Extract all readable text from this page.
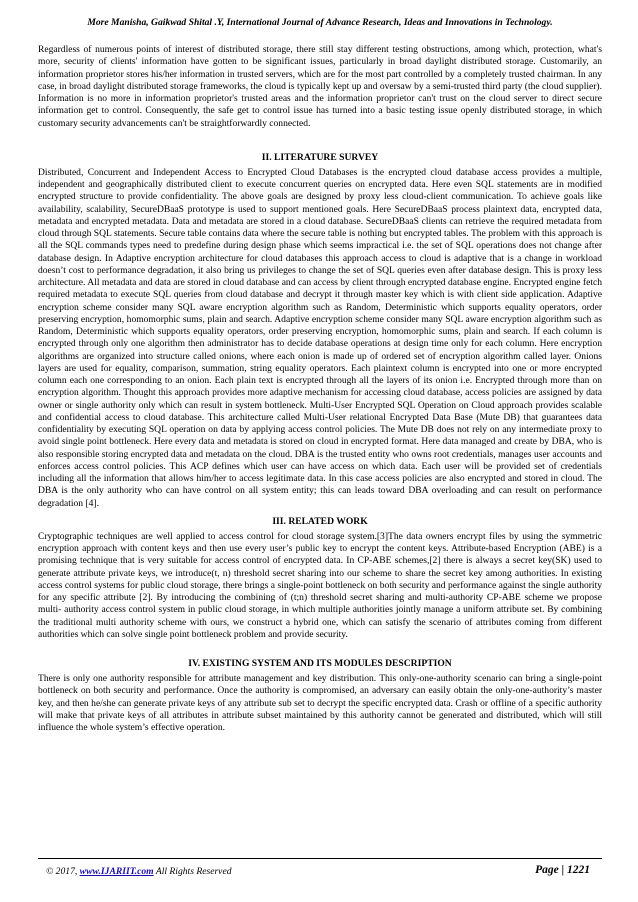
More Manisha, Gaikwad Shital .Y, International Journal of Advance Research, Ideas and Innovations in Technology.

Regardless of numerous points of interest of distributed storage, there still stay different testing obstructions, among which, protection, what's more, security of clients' information have gotten to be significant issues, particularly in broad daylight distributed storage. Customarily, an information proprietor stores his/her information in trusted servers, which are for the most part controlled by a completely trusted chairman. In any case, in broad daylight distributed storage frameworks, the cloud is typically kept up and oversaw by a semi-trusted third party (the cloud supplier). Information is no more in information proprietor's trusted areas and the information proprietor can't trust on the cloud server to direct secure information get to control. Consequently, the safe get to control issue has turned into a basic testing issue openly distributed storage, in which customary security advancements can't be straightforwardly connected.

II. LITERATURE SURVEY

Distributed, Concurrent and Independent Access to Encrypted Cloud Databases is the encrypted cloud database access provides a multiple, independent and geographically distributed client to execute concurrent queries on encrypted data. Here even SQL statements are in modified encrypted structure to provide confidentiality. The above goals are designed by proxy less cloud-client communication. To achieve goals like availability, scalability, SecureDBaaS prototype is used to support mentioned goals. Here SecureDBaaS process plaintext data, encrypted data, metadata and encrypted metadata. Data and metadata are stored in a cloud database. SecureDBaaS clients can retrieve the required metadata from cloud through SQL statements. Secure table contains data where the secure table is nothing but encrypted tables. The problem with this approach is all the SQL commands types need to predefine during design phase which seems impractical i.e. the set of SQL operations does not change after database design. In Adaptive encryption architecture for cloud databases this approach access to cloud is adaptive that is a change in workload doesn’t cost to performance degradation, it also bring us privileges to change the set of SQL queries even after database design. This is proxy less architecture. All metadata and data are stored in cloud database and can access by client through encrypted database engine. Encrypted engine fetch required metadata to execute SQL queries from cloud database and decrypt it through master key which is with client side application. Adaptive encryption scheme consider many SQL aware encryption algorithm such as Random, Deterministic which supports equality operators, order preserving encryption, homomorphic sums, plain and search. Adaptive encryption scheme consider many SQL aware encryption algorithm such as Random, Deterministic which supports equality operators, order preserving encryption, homomorphic sums, plain and search. If each column is encrypted through only one algorithm then administrator has to decide database operations at design time only for each column. Here encryption algorithms are organized into structure called onions, where each onion is made up of ordered set of encryption algorithm called layer. Onions layers are used for equality, comparison, summation, string equality operators. Each plaintext column is encrypted into one or more encrypted column each one corresponding to an onion. Each plain text is encrypted through all the layers of its onion i.e. Encrypted through more than on encryption algorithm. Thought this approach provides more adaptive mechanism for accessing cloud database, access policies are assigned by data owner or single authority only which can result in system bottleneck. Multi-User Encrypted SQL Operation on Cloud approach provides scalable and confidential access to cloud database. This architecture called Multi-User relational Encrypted Data Base (Mute DB) that guarantees data confidentiality by executing SQL operation on data by applying access control policies. The Mute DB does not rely on any intermediate proxy to avoid single point bottleneck. Here every data and metadata is stored on cloud in encrypted format. Here data managed and create by DBA, who is also responsible storing encrypted data and metadata on the cloud. DBA is the trusted entity who owns root credentials, manages user accounts and enforces access control policies. This ACP defines which user can have access on which data. Each user will be provided set of credentials including all the information that allows him/her to access legitimate data. In this case access policies are also encrypted and stored in cloud. The DBA is the only authority who can have control on all system entity; this can leads toward DBA overloading and can result on performance degradation [4].

III. RELATED WORK

Cryptographic techniques are well applied to access control for cloud storage system.[3]The data owners encrypt files by using the symmetric encryption approach with content keys and then use every user’s public key to encrypt the content keys. Attribute-based Encryption (ABE) is a promising technique that is very suitable for access control of encrypted data. In CP-ABE schemes,[2] there is always a secret key(SK) used to generate attribute private keys, we introduce(t, n) threshold secret sharing into our scheme to share the secret key among authorities. In existing access control systems for public cloud storage, there brings a single-point bottleneck on both security and performance against the single authority for any specific attribute [2]. By introducing the combining of (t;n) threshold secret sharing and multi-authority CP-ABE scheme we propose multi- authority access control system in public cloud storage, in which multiple authorities jointly manage a uniform attribute set. By combining the traditional multi authority scheme with ours, we construct a hybrid one, which can satisfy the scenario of attributes coming from different authorities which can solve single point bottleneck problem and provide security.

IV. EXISTING SYSTEM AND ITS MODULES DESCRIPTION

There is only one authority responsible for attribute management and key distribution. This only-one-authority scenario can bring a single-point bottleneck on both security and performance. Once the authority is compromised, an adversary can easily obtain the only-one-authority’s master key, and then he/she can generate private keys of any attribute sub set to decrypt the specific encrypted data. Crash or offline of a specific authority will make that private keys of all attributes in attribute subset maintained by this authority cannot be generated and distributed, which will still influence the whole system’s effective operation.

© 2017, www.IJARIIT.com All Rights Reserved	Page | 1221
